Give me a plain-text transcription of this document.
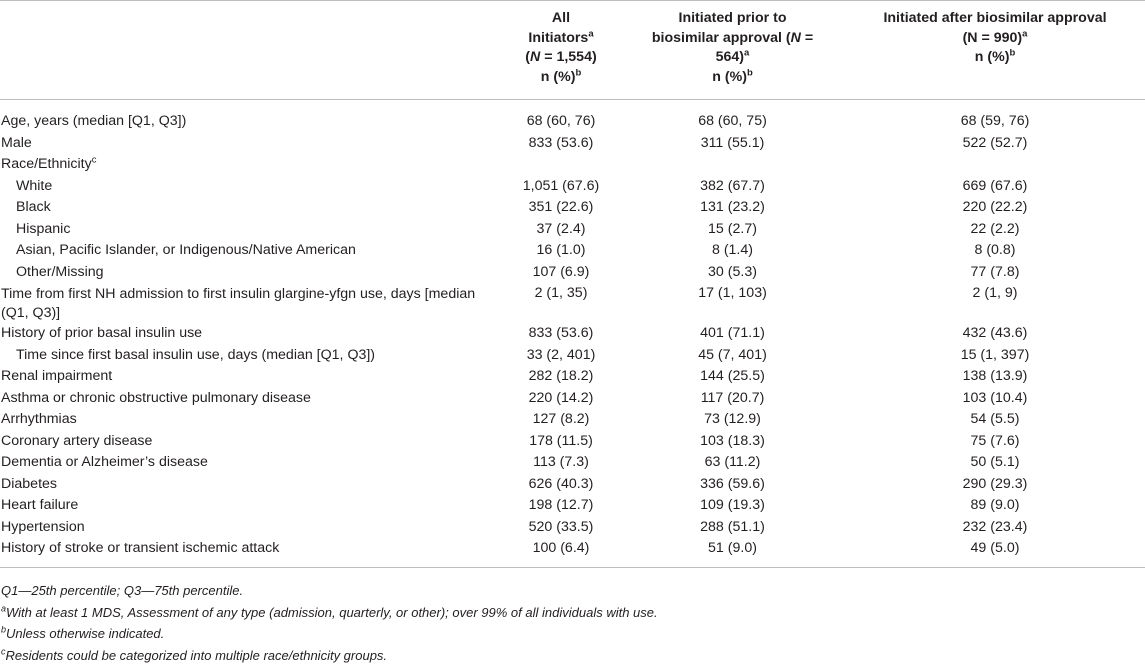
	All
Initiators$^a$
(N = 1,554)
n (%)$^b$	Initiated prior to
biosimilar approval (N =
564)$^a$
n (%)$^b$	Initiated after biosimilar approval
(N = 990)$^a$
n (%)$^b$
Age, years (median [Q1, Q3])	68 (60, 76)	68 (60, 75)	68 (59, 76)
Male	833 (53.6)	311 (55.1)	522 (52.7)
Race/Ethnicity$^c$			
White	1,051 (67.6)	382 (67.7)	669 (67.6)
Black	351 (22.6)	131 (23.2)	220 (22.2)
Hispanic	37 (2.4)	15 (2.7)	22 (2.2)
Asian, Pacific Islander, or Indigenous/Native American	16 (1.0)	8 (1.4)	8 (0.8)
Other/Missing	107 (6.9)	30 (5.3)	77 (7.8)
Time from first NH admission to first insulin glargine-yfgn use, days [median (Q1, Q3)]	2 (1, 35)	17 (1, 103)	2 (1, 9)
History of prior basal insulin use	833 (53.6)	401 (71.1)	432 (43.6)
Time since first basal insulin use, days (median [Q1, Q3])	33 (2, 401)	45 (7, 401)	15 (1, 397)
Renal impairment	282 (18.2)	144 (25.5)	138 (13.9)
Asthma or chronic obstructive pulmonary disease	220 (14.2)	117 (20.7)	103 (10.4)
Arrhythmias	127 (8.2)	73 (12.9)	54 (5.5)
Coronary artery disease	178 (11.5)	103 (18.3)	75 (7.6)
Dementia or Alzheimer’s disease	113 (7.3)	63 (11.2)	50 (5.1)
Diabetes	626 (40.3)	336 (59.6)	290 (29.3)
Heart failure	198 (12.7)	109 (19.3)	89 (9.0)
Hypertension	520 (33.5)	288 (51.1)	232 (23.4)
History of stroke or transient ischemic attack	100 (6.4)	51 (9.0)	49 (5.0)
Q1—25th percentile; Q3—75th percentile.
$^a$With at least 1 MDS, Assessment of any type (admission, quarterly, or other); over 99% of all individuals with use.
$^b$Unless otherwise indicated.
$^c$Residents could be categorized into multiple race/ethnicity groups.
